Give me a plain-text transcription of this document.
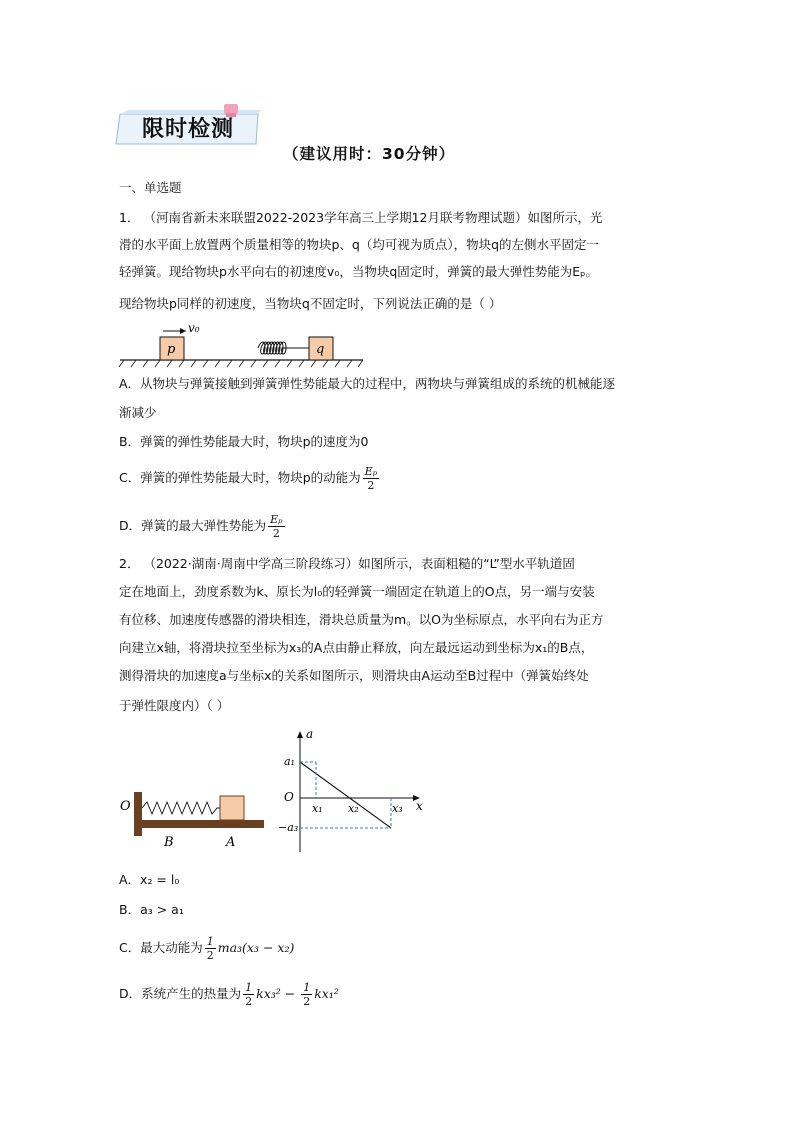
限时检测
（建议用时：30分钟）
一、单选题
1． （河南省新未来联盟2022-2023学年高三上学期12月联考物理试题）如图所示，光
滑的水平面上放置两个质量相等的物块p、q（均可视为质点），物块q的左侧水平固定一
轻弹簧。现给物块p水平向右的初速度v₀，当物块q固定时，弹簧的最大弹性势能为Eₚ。
现给物块p同样的初速度，当物块q不固定时，下列说法正确的是（ ）
p
v₀
q
A．从物块与弹簧接触到弹簧弹性势能最大的过程中，两物块与弹簧组成的系统的机械能逐
渐减少
B．弹簧的弹性势能最大时，物块p的速度为0
C．弹簧的弹性势能最大时，物块p的动能为 $\frac{\text{Eₚ}}{2}$
D．弹簧的最大弹性势能为 $\frac{\text{Eₚ}}{2}$
2． （2022·湖南·周南中学高三阶段练习）如图所示，表面粗糙的“L”型水平轨道固
定在地面上，劲度系数为k、原长为l₀的轻弹簧一端固定在轨道上的O点，另一端与安装
有位移、加速度传感器的滑块相连，滑块总质量为m。以O为坐标原点，水平向右为正方
向建立x轴，将滑块拉至坐标为x₃的A点由静止释放，向左最远运动到坐标为x₁的B点，
测得滑块的加速度a与坐标x的关系如图所示，则滑块由A运动至B过程中（弹簧始终处
于弹性限度内）（ ）
O
B	A
a
x
O
a₁
−a₃
x₁ x₂	x₃
A．x₂ = l₀
B．a₃ > a₁
C．最大动能为 $\frac{1}{2} ma_3(x_3 - x_2)$
D．系统产生的热量为 $\frac{1}{2} kx_3^2 - \frac{1}{2} kx_1^2$
